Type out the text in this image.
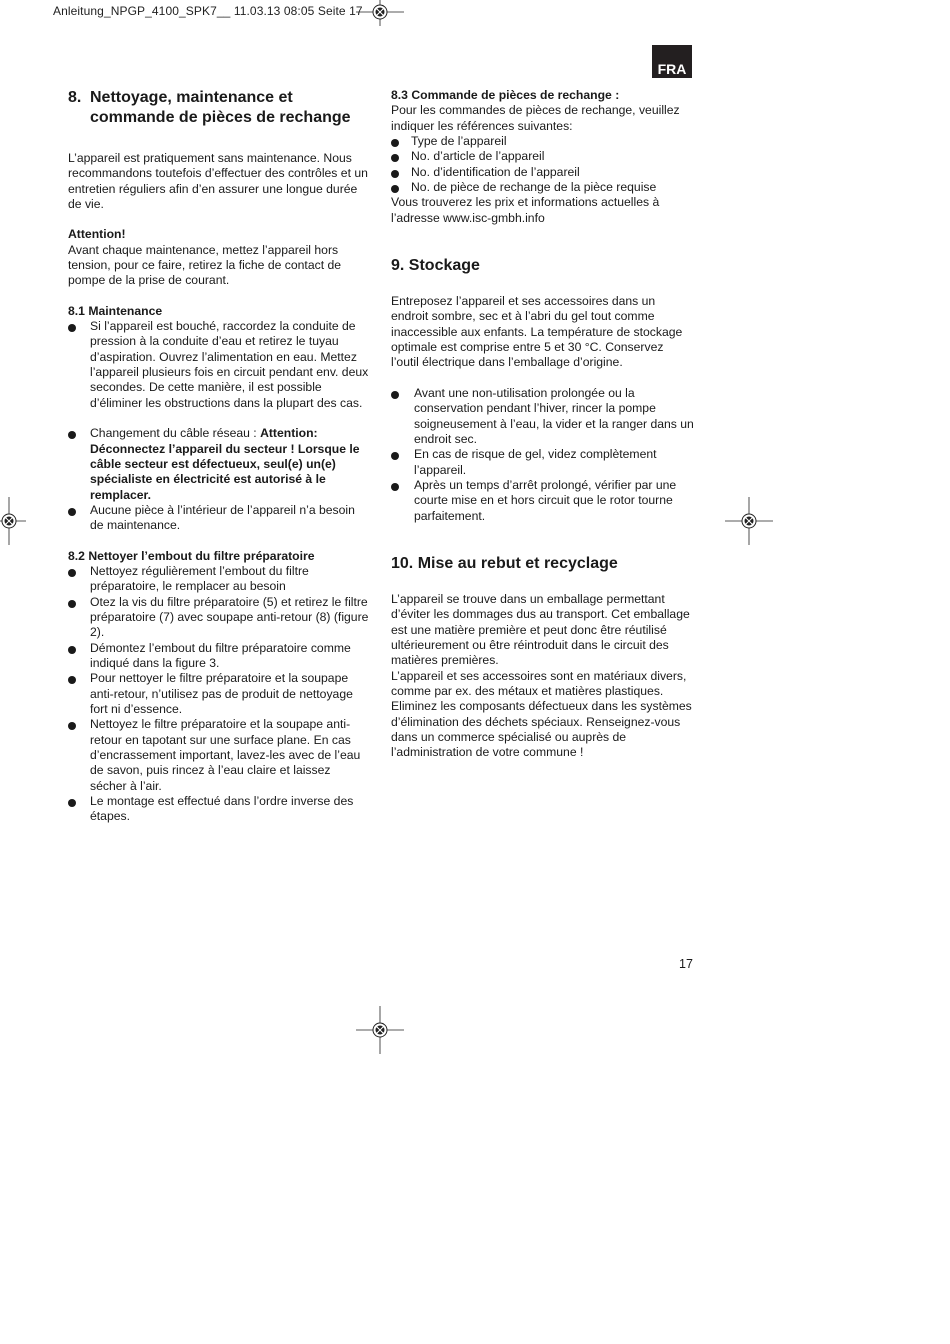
Anleitung_NPGP_4100_SPK7__ 11.03.13 08:05 Seite 17
FRA
8. Nettoyage, maintenance et commande de pièces de rechange

L’appareil est pratiquement sans maintenance. Nous recommandons toutefois d’effectuer des contrôles et un entretien réguliers afin d’en assurer une longue durée de vie.

Attention!

Avant chaque maintenance, mettez l’appareil hors tension, pour ce faire, retirez la fiche de contact de pompe de la prise de courant.

8.1 Maintenance

Si l’appareil est bouché, raccordez la conduite de pression à la conduite d’eau et retirez le tuyau d’aspiration. Ouvrez l’alimentation en eau. Mettez l’appareil plusieurs fois en circuit pendant env. deux secondes. De cette manière, il est possible d’éliminer les obstructions dans la plupart des cas.
Changement du câble réseau : Attention: Déconnectez l’appareil du secteur ! Lorsque le câble secteur est défectueux, seul(e) un(e) spécialiste en électricité est autorisé à le remplacer.
Aucune pièce à l’intérieur de l’appareil n’a besoin de maintenance.

8.2 Nettoyer l’embout du filtre préparatoire

Nettoyez régulièrement l’embout du filtre préparatoire, le remplacer au besoin
Otez la vis du filtre préparatoire (5) et retirez le filtre préparatoire (7) avec soupape anti-retour (8) (figure 2).
Démontez l’embout du filtre préparatoire comme indiqué dans la figure 3.
Pour nettoyer le filtre préparatoire et la soupape anti-retour, n’utilisez pas de produit de nettoyage fort ni d’essence.
Nettoyez le filtre préparatoire et la soupape anti-retour en tapotant sur une surface plane. En cas d’encrassement important, lavez-les avec de l’eau de savon, puis rincez à l’eau claire et laissez sécher à l’air.
Le montage est effectué dans l’ordre inverse des étapes.

8.3 Commande de pièces de rechange :

Pour les commandes de pièces de rechange, veuillez indiquer les références suivantes:

Type de l’appareil
No. d’article de l’appareil
No. d’identification de l’appareil
No. de pièce de rechange de la pièce requise

Vous trouverez les prix et informations actuelles à l’adresse www.isc-gmbh.info

9. Stockage

Entreposez l’appareil et ses accessoires dans un endroit sombre, sec et à l’abri du gel tout comme inaccessible aux enfants. La température de stockage optimale est comprise entre 5 et 30 °C. Conservez l’outil électrique dans l’emballage d’origine.

Avant une non-utilisation prolongée ou la conservation pendant l’hiver, rincer la pompe soigneusement à l’eau, la vider et la ranger dans un endroit sec.
En cas de risque de gel, videz complètement l’appareil.
Après un temps d’arrêt prolongé, vérifier par une courte mise en et hors circuit que le rotor tourne parfaitement.
10. Mise au rebut et recyclage

L’appareil se trouve dans un emballage permettant d’éviter les dommages dus au transport. Cet emballage est une matière première et peut donc être réutilisé ultérieurement ou être réintroduit dans le circuit des matières premières.

L’appareil et ses accessoires sont en matériaux divers, comme par ex. des métaux et matières plastiques. Eliminez les composants défectueux dans les systèmes d’élimination des déchets spéciaux. Renseignez-vous dans un commerce spécialisé ou auprès de l’administration de votre commune !

17
